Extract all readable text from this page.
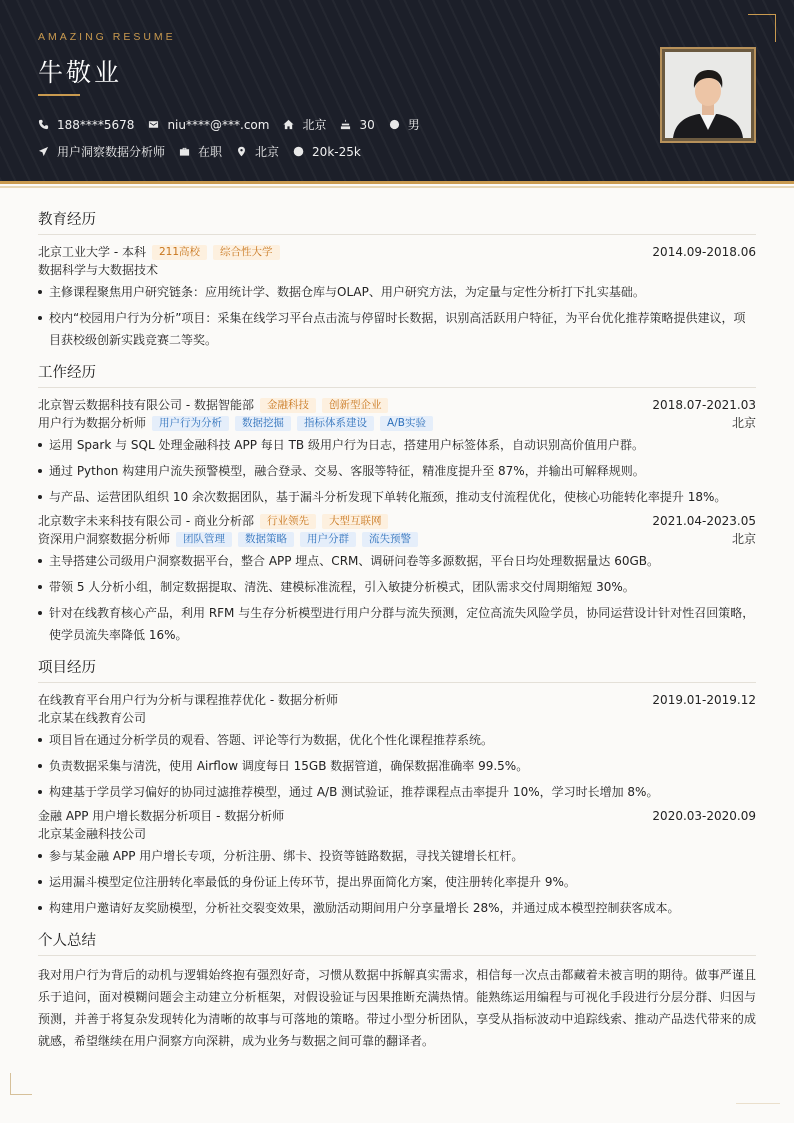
AMAZING RESUME
牛敬业
188****5678	niu****@***.com	北京	30	男
用户洞察数据分析师	在职	北京	20k-25k
教育经历
北京工业大学 - 本科	211高校	综合性大学	2014.09-2018.06
数据科学与大数据技术
主修课程聚焦用户研究链条：应用统计学、数据仓库与OLAP、用户研究方法，为定量与定性分析打下扎实基础。
校内“校园用户行为分析”项目：采集在线学习平台点击流与停留时长数据，识别高活跃用户特征，为平台优化推荐策略提供建议，项目获校级创新实践竞赛二等奖。
工作经历
北京智云数据科技有限公司 - 数据智能部	金融科技	创新型企业	2018.07-2021.03
用户行为数据分析师	用户行为分析	数据挖掘	指标体系建设	A/B实验	北京
运用 Spark 与 SQL 处理金融科技 APP 每日 TB 级用户行为日志，搭建用户标签体系，自动识别高价值用户群。
通过 Python 构建用户流失预警模型，融合登录、交易、客服等特征，精准度提升至 87%，并输出可解释规则。
与产品、运营团队组织 10 余次数据团队，基于漏斗分析发现下单转化瓶颈，推动支付流程优化，使核心功能转化率提升 18%。
北京数字未来科技有限公司 - 商业分析部	行业领先	大型互联网	2021.04-2023.05
资深用户洞察数据分析师	团队管理	数据策略	用户分群	流失预警	北京
主导搭建公司级用户洞察数据平台，整合 APP 埋点、CRM、调研问卷等多源数据，平台日均处理数据量达 60GB。
带领 5 人分析小组，制定数据提取、清洗、建模标准流程，引入敏捷分析模式，团队需求交付周期缩短 30%。
针对在线教育核心产品，利用 RFM 与生存分析模型进行用户分群与流失预测，定位高流失风险学员，协同运营设计针对性召回策略，使学员流失率降低 16%。
项目经历
在线教育平台用户行为分析与课程推荐优化 - 数据分析师	2019.01-2019.12
北京某在线教育公司
项目旨在通过分析学员的观看、答题、评论等行为数据，优化个性化课程推荐系统。
负责数据采集与清洗，使用 Airflow 调度每日 15GB 数据管道，确保数据准确率 99.5%。
构建基于学员学习偏好的协同过滤推荐模型，通过 A/B 测试验证，推荐课程点击率提升 10%，学习时长增加 8%。
金融 APP 用户增长数据分析项目 - 数据分析师	2020.03-2020.09
北京某金融科技公司
参与某金融 APP 用户增长专项，分析注册、绑卡、投资等链路数据，寻找关键增长杠杆。
运用漏斗模型定位注册转化率最低的身份证上传环节，提出界面简化方案，使注册转化率提升 9%。
构建用户邀请好友奖励模型，分析社交裂变效果，激励活动期间用户分享量增长 28%，并通过成本模型控制获客成本。
个人总结

我对用户行为背后的动机与逻辑始终抱有强烈好奇，习惯从数据中拆解真实需求，相信每一次点击都藏着未被言明的期待。做事严谨且乐于追问，面对模糊问题会主动建立分析框架，对假设验证与因果推断充满热情。能熟练运用编程与可视化手段进行分层分群、归因与预测，并善于将复杂发现转化为清晰的故事与可落地的策略。带过小型分析团队，享受从指标波动中追踪线索、推动产品迭代带来的成就感，希望继续在用户洞察方向深耕，成为业务与数据之间可靠的翻译者。
